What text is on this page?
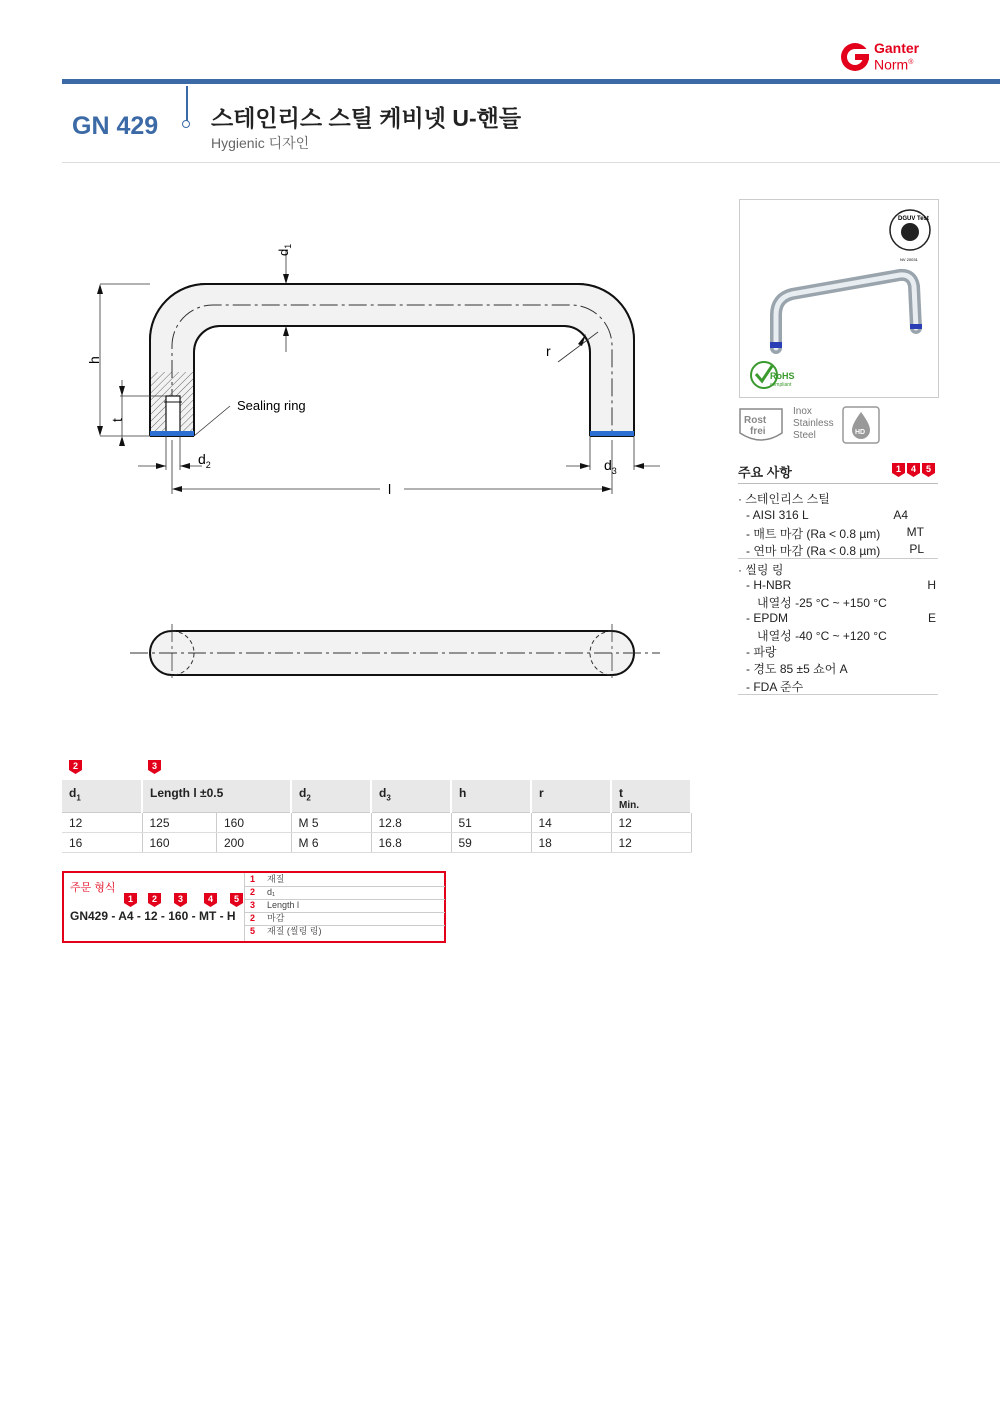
Ganter
Norm®
GN 429 스테인리스 스틸 케비넷 U-핸들
Hygienic 디자인
h
t
$d_1$
r
Sealing ring
$d_2$	$d_3$
l
DGUV Test
NV 20031
RoHS
compliant
Rost
frei
Inox
Stainless
Steel	HD
주요 사항	1	4	5
· 스테인리스 스틸
- AISI 316 L	A4
- 매트 마감 (Ra < 0.8 µm) MT
- 연마 마감 (Ra < 0.8 µm) PL
· 씰링 링
- H-NBR	H
내열성 -25 °C ~ +150 °C
- EPDM	E
내열성 -40 °C ~ +120 °C
- 파랑
- 경도 85 ±5 쇼어 A
- FDA 준수
2	3
$d_1$	Length l ±0.5		$d_2$	$d_3$	h	r	t
Min.

12	125	160	M 5	12.8	51	14	12
16	160	200	M 6	16.8	59	18	12
주문 형식
1	2	3	4	5
GN429 - A4 - 12 - 160 - MT - H
1 재질
2 d₁
3 Length l
2 마감
5 재질 (씰링 링)
